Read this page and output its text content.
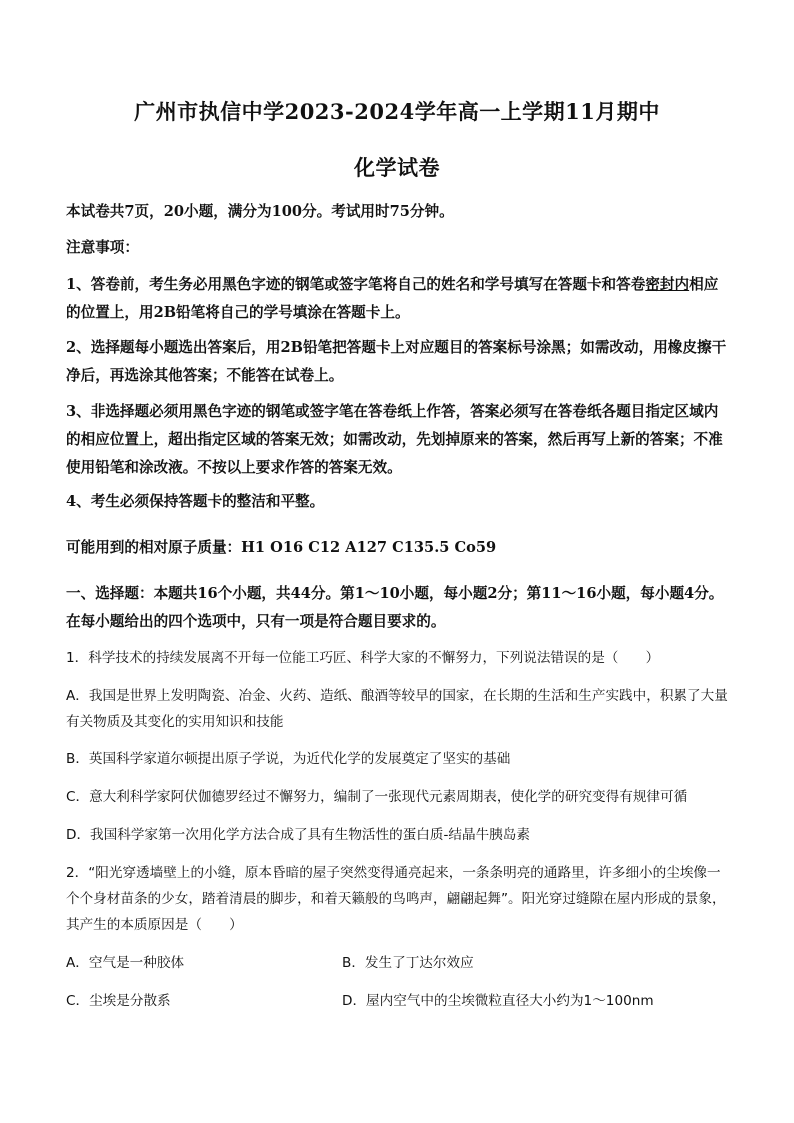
广州市执信中学2023-2024学年高一上学期11月期中
化学试卷
本试卷共7页，20小题，满分为100分。考试用时75分钟。
注意事项：
1、答卷前，考生务必用黑色字迹的钢笔或签字笔将自己的姓名和学号填写在答题卡和答卷密封内相应的位置上，用2B铅笔将自己的学号填涂在答题卡上。
2、选择题每小题选出答案后，用2B铅笔把答题卡上对应题目的答案标号涂黑；如需改动，用橡皮擦干净后，再选涂其他答案；不能答在试卷上。
3、非选择题必须用黑色字迹的钢笔或签字笔在答卷纸上作答，答案必须写在答卷纸各题目指定区域内的相应位置上，超出指定区域的答案无效；如需改动，先划掉原来的答案，然后再写上新的答案；不准使用铅笔和涂改液。不按以上要求作答的答案无效。
4、考生必须保持答题卡的整洁和平整。
可能用到的相对原子质量：H1 O16 C12 A127 C135.5 Co59
一、选择题：本题共16个小题，共44分。第1～10小题，每小题2分；第11～16小题，每小题4分。在每小题给出的四个选项中，只有一项是符合题目要求的。
1．科学技术的持续发展离不开每一位能工巧匠、科学大家的不懈努力，下列说法错误的是（　　）
A．我国是世界上发明陶瓷、冶金、火药、造纸、酿酒等较早的国家，在长期的生活和生产实践中，积累了大量有关物质及其变化的实用知识和技能
B．英国科学家道尔顿提出原子学说，为近代化学的发展奠定了坚实的基础
C．意大利科学家阿伏伽德罗经过不懈努力，编制了一张现代元素周期表，使化学的研究变得有规律可循
D．我国科学家第一次用化学方法合成了具有生物活性的蛋白质-结晶牛胰岛素
2．“阳光穿透墙壁上的小缝，原本昏暗的屋子突然变得通亮起来，一条条明亮的通路里，许多细小的尘埃像一个个身材苗条的少女，踏着清晨的脚步，和着天籁般的鸟鸣声，翩翩起舞”。阳光穿过缝隙在屋内形成的景象，其产生的本质原因是（　　）
A．空气是一种胶体	B．发生了丁达尔效应
C．尘埃是分散系	D．屋内空气中的尘埃微粒直径大小约为1～100nm
